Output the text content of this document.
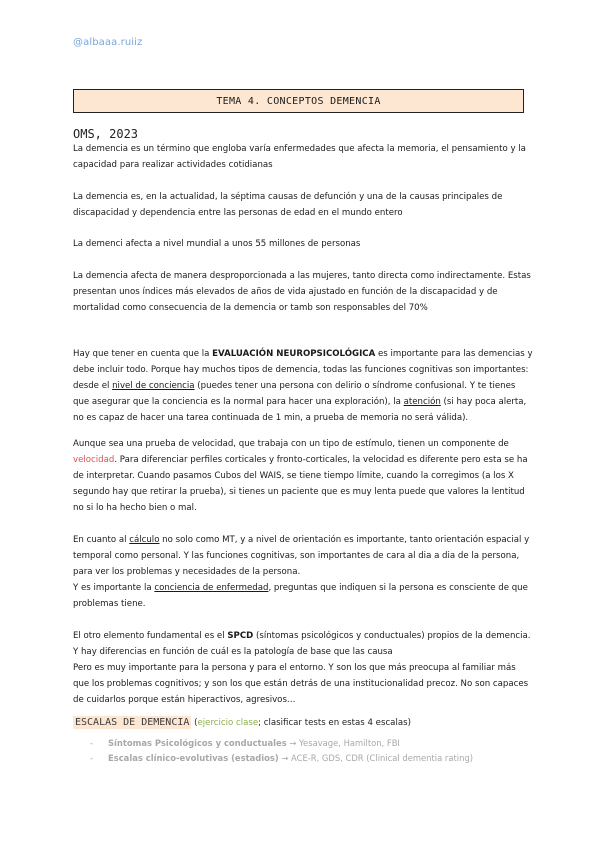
@albaaa.ruiiz
TEMA 4. CONCEPTOS DEMENCIA
OMS, 2023

La demencia es un término que engloba varía enfermedades que afecta la memoria, el pensamiento y la capacidad para realizar actividades cotidianas

La demencia es, en la actualidad, la séptima causas de defunción y una de la causas principales de discapacidad y dependencia entre las personas de edad en el mundo entero

La demenci afecta a nivel mundial a unos 55 millones de personas

La demencia afecta de manera desproporcionada a las mujeres, tanto directa como indirectamente. Estas presentan unos índices más elevados de años de vida ajustado en función de la discapacidad y de mortalidad como consecuencia de la demencia or tamb son responsables del 70%

Hay que tener en cuenta que la EVALUACIÓN NEUROPSICOLÓGICA es importante para las demencias y debe incluir todo. Porque hay muchos tipos de demencia, todas las funciones cognitivas son importantes: desde el nivel de conciencia (puedes tener una persona con delirio o síndrome confusional. Y te tienes que asegurar que la conciencia es la normal para hacer una exploración), la atención (si hay poca alerta, no es capaz de hacer una tarea continuada de 1 min, a prueba de memoria no será válida).

Aunque sea una prueba de velocidad, que trabaja con un tipo de estímulo, tienen un componente de velocidad. Para diferenciar perfiles corticales y fronto-corticales, la velocidad es diferente pero esta se ha de interpretar. Cuando pasamos Cubos del WAIS, se tiene tiempo límite, cuando la corregimos (a los X segundo hay que retirar la prueba), si tienes un paciente que es muy lenta puede que valores la lentitud no si lo ha hecho bien o mal.

En cuanto al cálculo no solo como MT, y a nivel de orientación es importante, tanto orientación espacial y temporal como personal. Y las funciones cognitivas, son importantes de cara al dia a dia de la persona, para ver los problemas y necesidades de la persona.

Y es importante la conciencia de enfermedad, preguntas que indiquen si la persona es consciente de que problemas tiene.

El otro elemento fundamental es el SPCD (síntomas psicológicos y conductuales) propios de la demencia. Y hay diferencias en función de cuál es la patología de base que las causa
Pero es muy importante para la persona y para el entorno. Y son los que más preocupa al familiar más que los problemas cognitivos; y son los que están detrás de una institucionalidad precoz. No son capaces de cuidarlos porque están hiperactivos, agresivos…

ESCALAS DE DEMENCIA (ejercicio clase; clasificar tests en estas 4 escalas)
- Síntomas Psicológicos y conductuales → Yesavage, Hamilton, FBI
- Escalas clínico-evolutivas (estadios) → ACE-R, GDS, CDR (Clinical dementia rating)
